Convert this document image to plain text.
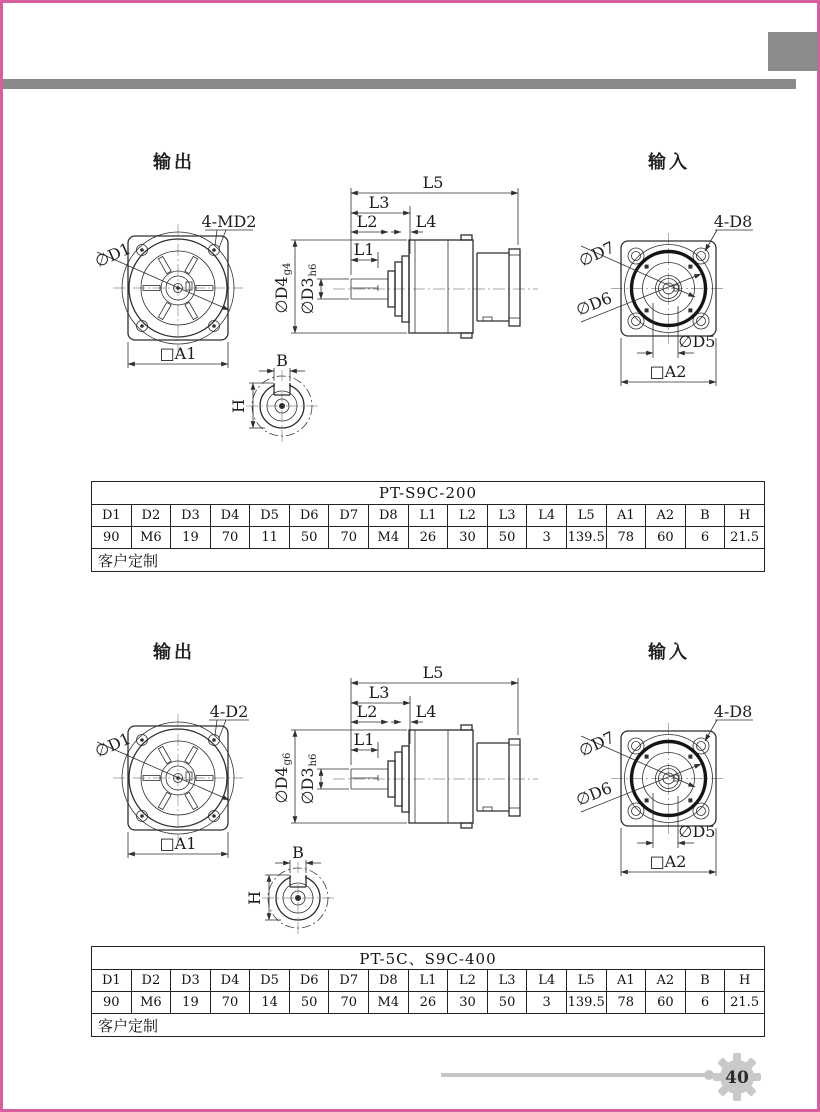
输出	输入
∅D1
4-MD2
□A1
L5
L3
L2 L4
L1
∅D4g4
∅D3h6
B
H
∅D7
∅D6
4-D8
∅D5
□A2
PT-S9C-200																
D1	D2	D3	D4	D5	D6	D7	D8	L1	L2	L3	L4	L5	A1	A2	B	H
90	M6	19	70	11	50	70	M4	26	30	50	3	139.5	78	60	6	21.5
客户定制																
输出	输入
∅D1
4-D2
□A1
L5
L3
L2 L4
L1
∅D4g6
∅D3h6
B
H
∅D7
∅D6
4-D8
∅D5
□A2
PT-5C、S9C-400																
D1	D2	D3	D4	D5	D6	D7	D8	L1	L2	L3	L4	L5	A1	A2	B	H
90	M6	19	70	14	50	70	M4	26	30	50	3	139.5	78	60	6	21.5
客户定制																
40
